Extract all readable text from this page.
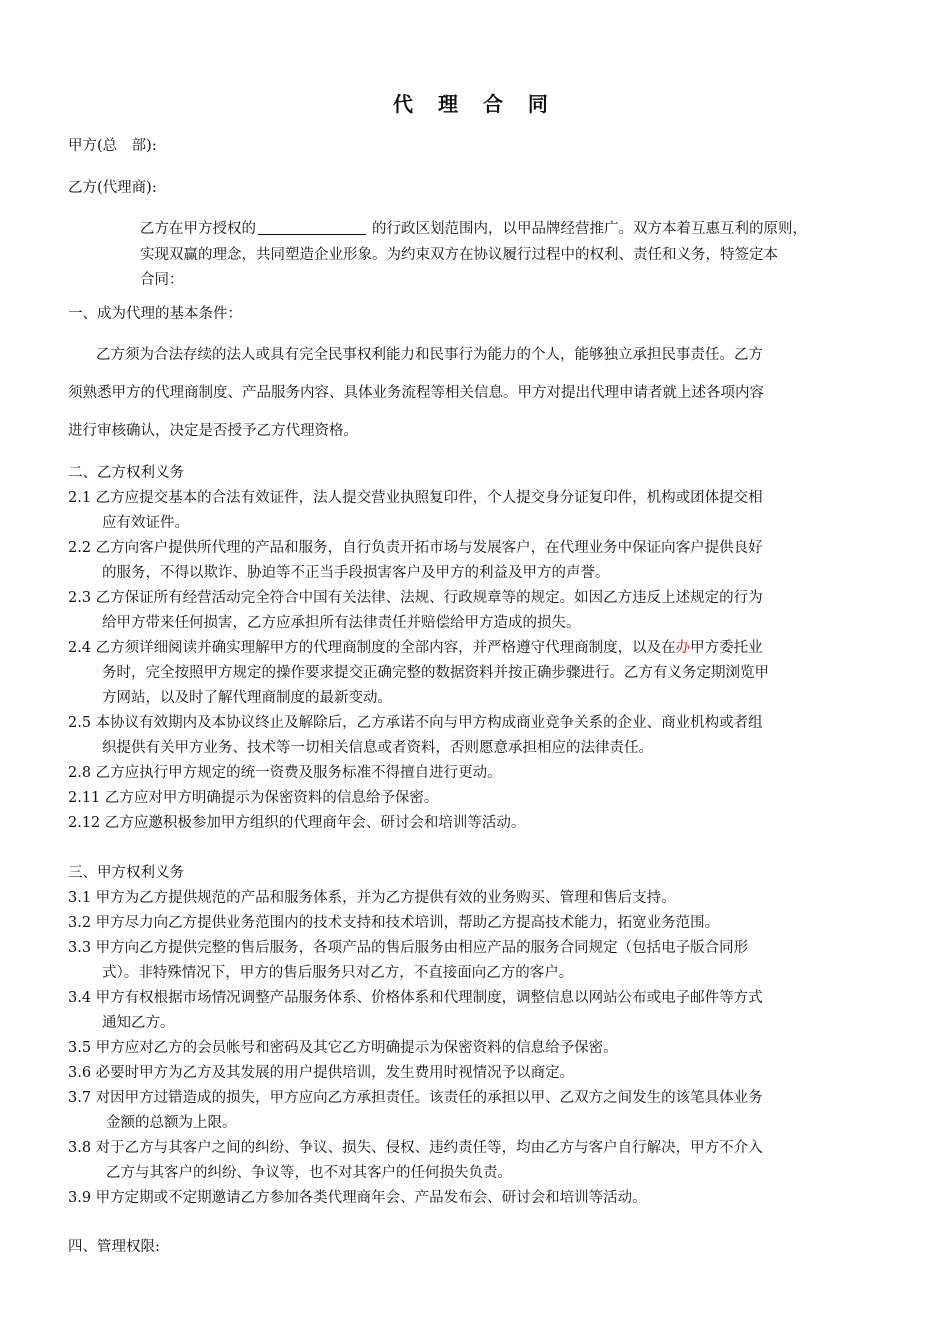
代 理 合 同
甲方(总　部):
乙方(代理商):
乙方在甲方授权的	的行政区划范围内，以甲品牌经营推广。双方本着互惠互利的原则，
实现双赢的理念，共同塑造企业形象。为约束双方在协议履行过程中的权利、责任和义务，特签定本
合同：
一、成为代理的基本条件：
乙方须为合法存续的法人或具有完全民事权利能力和民事行为能力的个人，能够独立承担民事责任。乙方
须熟悉甲方的代理商制度、产品服务内容、具体业务流程等相关信息。甲方对提出代理申请者就上述各项内容
进行审核确认，决定是否授予乙方代理资格。
二、乙方权利义务
2.1 乙方应提交基本的合法有效证件，法人提交营业执照复印件，个人提交身分证复印件，机构或团体提交相
应有效证件。
2.2 乙方向客户提供所代理的产品和服务，自行负责开拓市场与发展客户，在代理业务中保证向客户提供良好
的服务，不得以欺诈、胁迫等不正当手段损害客户及甲方的利益及甲方的声誉。
2.3 乙方保证所有经营活动完全符合中国有关法律、法规、行政规章等的规定。如因乙方违反上述规定的行为
给甲方带来任何损害，乙方应承担所有法律责任并赔偿给甲方造成的损失。
2.4 乙方须详细阅读并确实理解甲方的代理商制度的全部内容，并严格遵守代理商制度，以及在办甲方委托业
务时，完全按照甲方规定的操作要求提交正确完整的数据资料并按正确步骤进行。乙方有义务定期浏览甲
方网站，以及时了解代理商制度的最新变动。
2.5 本协议有效期内及本协议终止及解除后，乙方承诺不向与甲方构成商业竞争关系的企业、商业机构或者组
织提供有关甲方业务、技术等一切相关信息或者资料，否则愿意承担相应的法律责任。
2.8 乙方应执行甲方规定的统一资费及服务标准不得擅自进行更动。
2.11 乙方应对甲方明确提示为保密资料的信息给予保密。
2.12 乙方应邀积极参加甲方组织的代理商年会、研讨会和培训等活动。
三、甲方权利义务
3.1 甲方为乙方提供规范的产品和服务体系，并为乙方提供有效的业务购买、管理和售后支持。
3.2 甲方尽力向乙方提供业务范围内的技术支持和技术培训，帮助乙方提高技术能力，拓宽业务范围。
3.3 甲方向乙方提供完整的售后服务，各项产品的售后服务由相应产品的服务合同规定（包括电子版合同形
式）。非特殊情况下，甲方的售后服务只对乙方，不直接面向乙方的客户。
3.4 甲方有权根据市场情况调整产品服务体系、价格体系和代理制度，调整信息以网站公布或电子邮件等方式
通知乙方。
3.5 甲方应对乙方的会员帐号和密码及其它乙方明确提示为保密资料的信息给予保密。
3.6 必要时甲方为乙方及其发展的用户提供培训，发生费用时视情况予以商定。
3.7 对因甲方过错造成的损失，甲方应向乙方承担责任。该责任的承担以甲、乙双方之间发生的该笔具体业务
金额的总额为上限。
3.8 对于乙方与其客户之间的纠纷、争议、损失、侵权、违约责任等，均由乙方与客户自行解决，甲方不介入
乙方与其客户的纠纷、争议等，也不对其客户的任何损失负责。
3.9 甲方定期或不定期邀请乙方参加各类代理商年会、产品发布会、研讨会和培训等活动。
四、管理权限:
